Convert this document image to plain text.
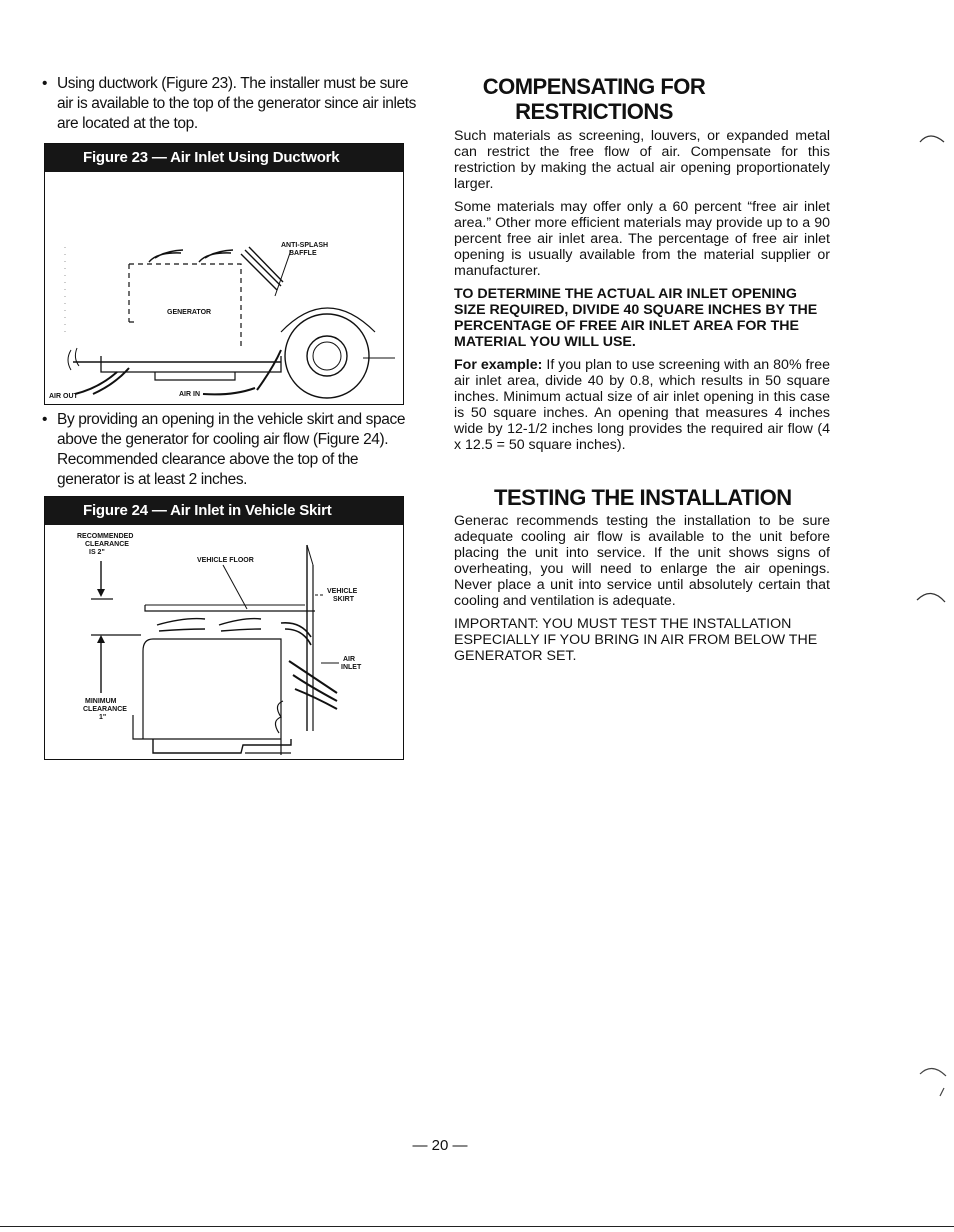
• Using ductwork (Figure 23). The installer must be sure air is available to the top of the generator since air inlets are located at the top.

Figure 23 — Air Inlet Using Ductwork
ANTI-SPLASH
BAFFLE
GENERATOR
AIR OUT	AIR IN

• By providing an opening in the vehicle skirt and space above the generator for cooling air flow (Figure 24). Recommended clearance above the top of the generator is at least 2 inches.

Figure 24 — Air Inlet in Vehicle Skirt
RECOMMENDED
CLEARANCE
IS 2"
VEHICLE FLOOR
VEHICLE
SKIRT
AIR
INLET
MINIMUM
CLEARANCE
1"
COMPENSATING FOR RESTRICTIONS

Such materials as screening, louvers, or expanded metal can restrict the free flow of air. Compensate for this restriction by making the actual air opening proportionately larger.

Some materials may offer only a 60 percent “free air inlet area.” Other more efficient materials may provide up to a 90 percent free air inlet area. The percentage of free air inlet opening is usually available from the material supplier or manufacturer.

TO DETERMINE THE ACTUAL AIR INLET OPENING SIZE REQUIRED, DIVIDE 40 SQUARE INCHES BY THE PERCENTAGE OF FREE AIR INLET AREA FOR THE MATERIAL YOU WILL USE.

For example: If you plan to use screening with an 80% free air inlet area, divide 40 by 0.8, which results in 50 square inches. Minimum actual size of air inlet opening in this case is 50 square inches. An opening that measures 4 inches wide by 12-1/2 inches long provides the required air flow (4 x 12.5 = 50 square inches).

TESTING THE INSTALLATION

Generac recommends testing the installation to be sure adequate cooling air flow is available to the unit before placing the unit into service. If the unit shows signs of overheating, you will need to enlarge the air openings. Never place a unit into service until absolutely certain that cooling and ventilation is adequate.

IMPORTANT: YOU MUST TEST THE INSTALLATION ESPECIALLY IF YOU BRING IN AIR FROM BELOW THE GENERATOR SET.

— 20 —
